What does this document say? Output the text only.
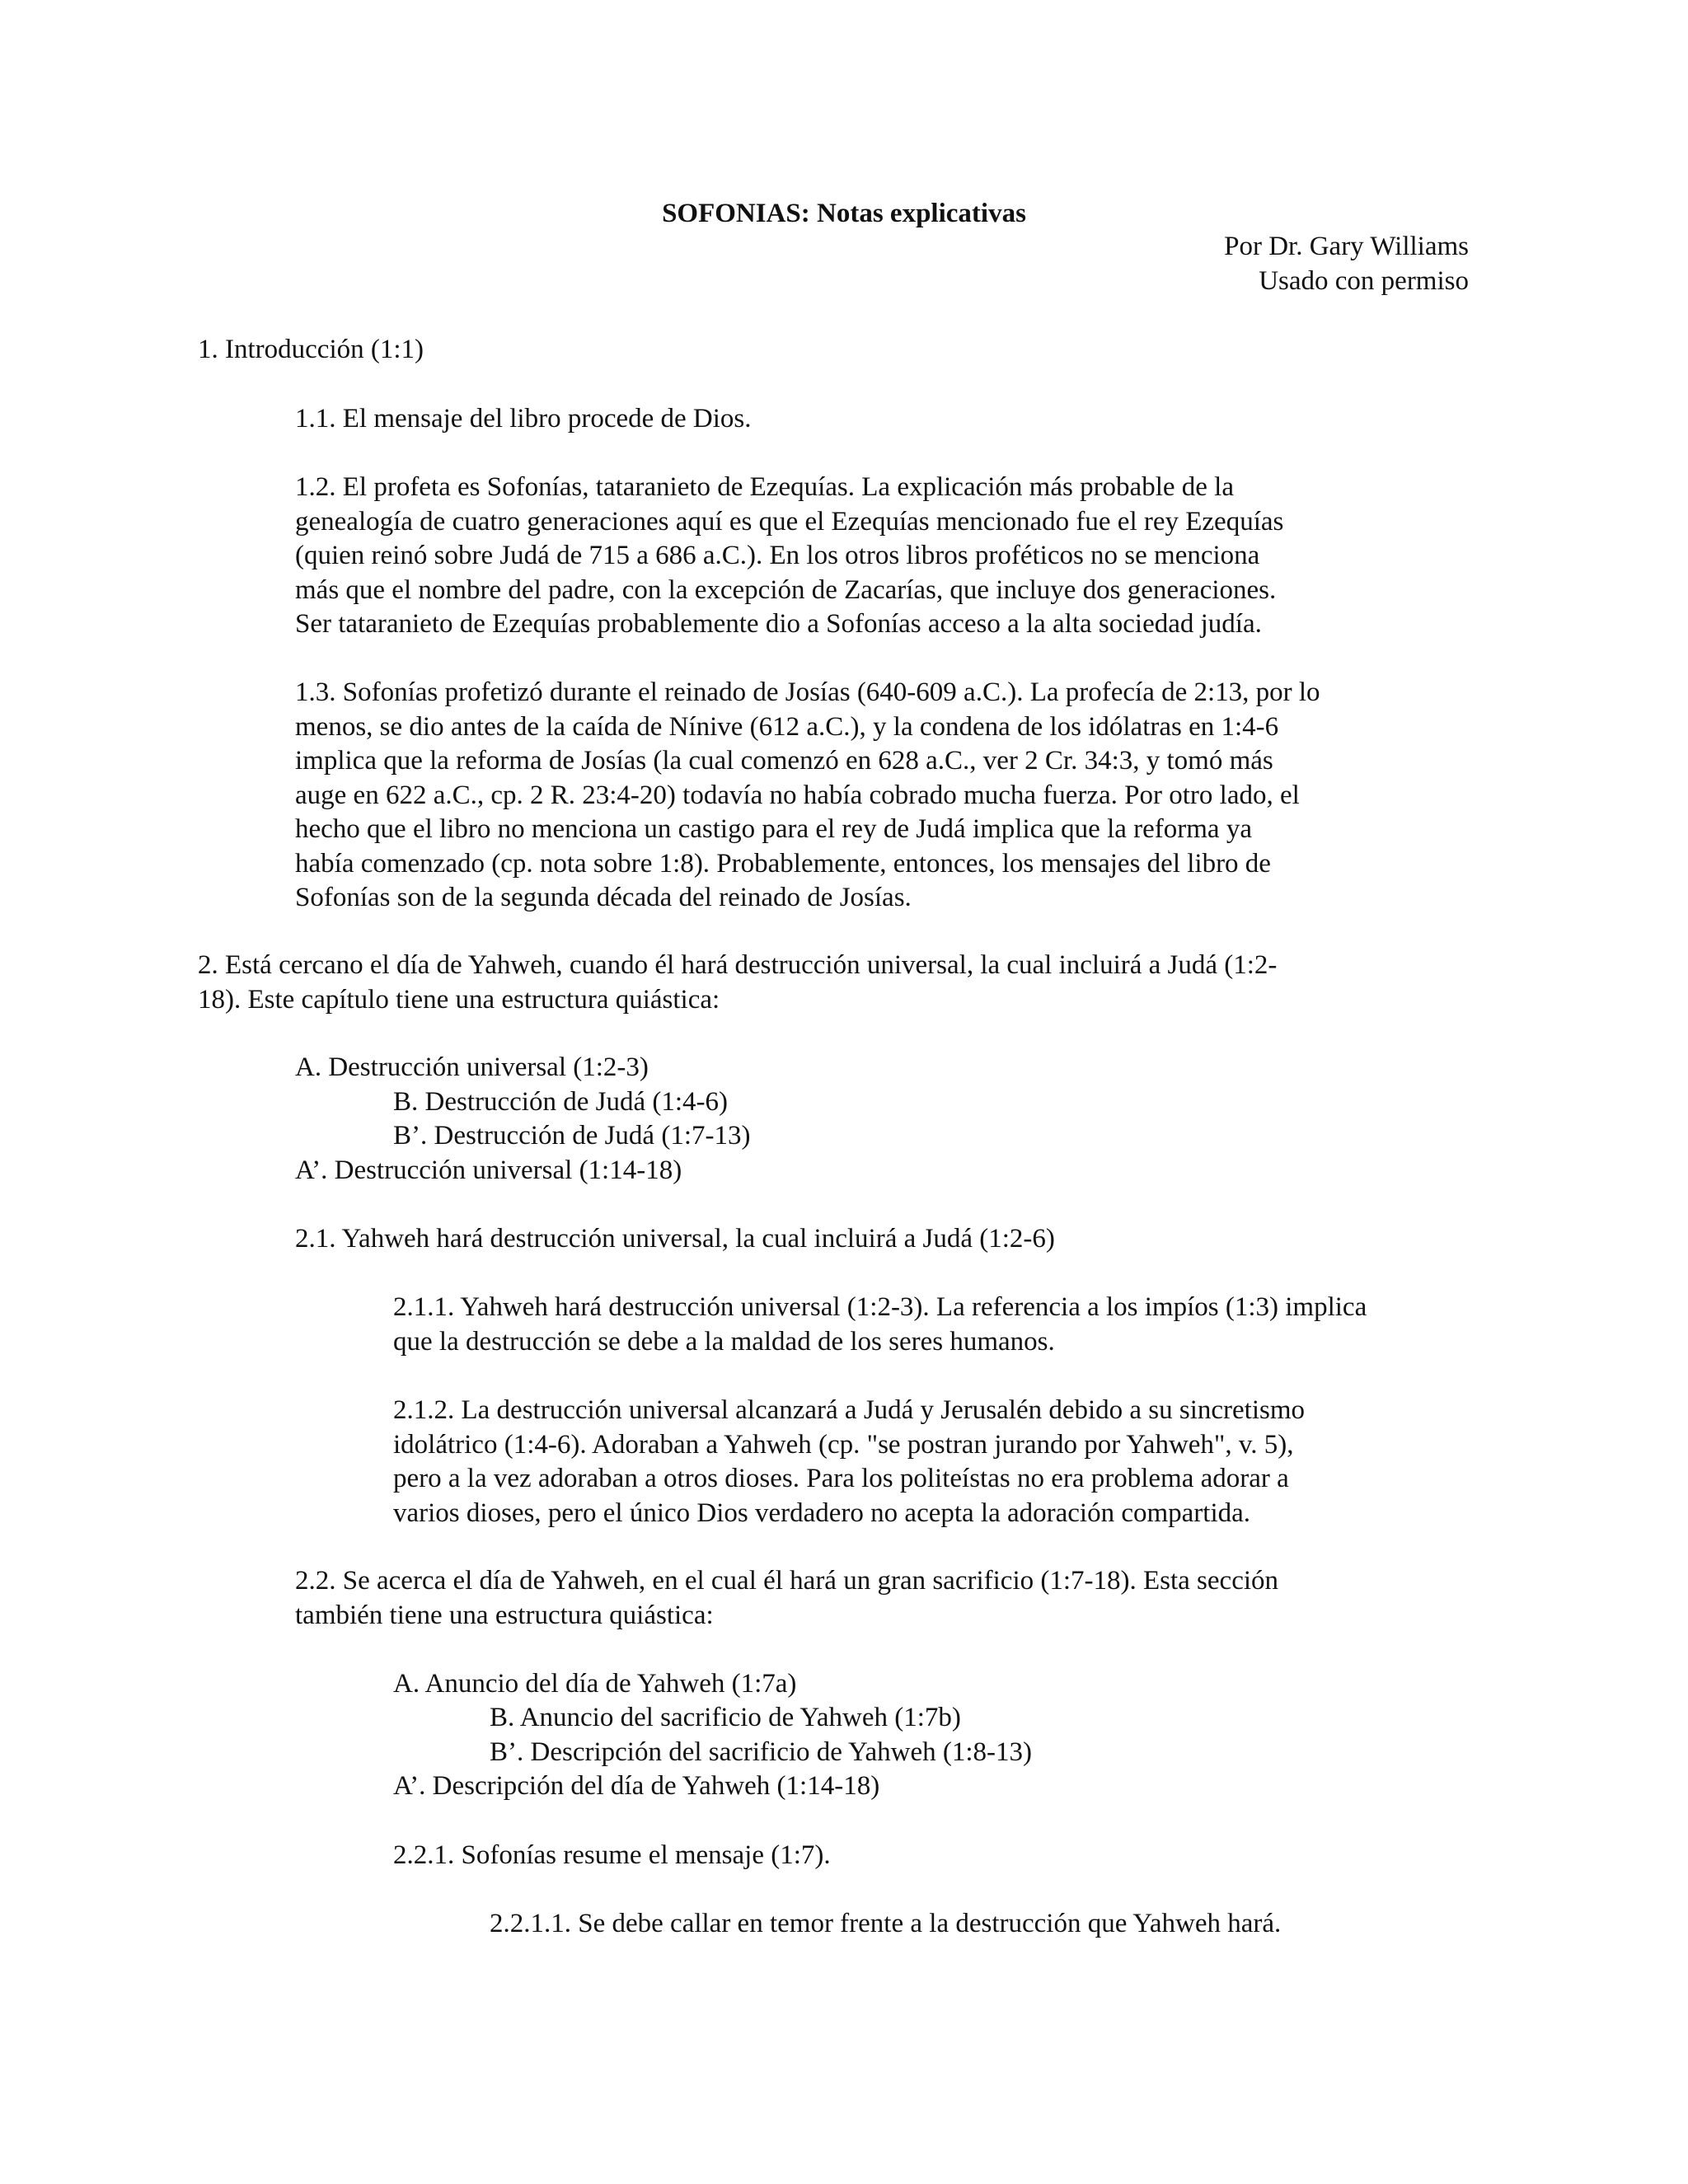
SOFONIAS: Notas explicativas
Por Dr. Gary Williams
Usado con permiso
1. Introducción (1:1)
1.1. El mensaje del libro procede de Dios.
1.2. El profeta es Sofonías, tataranieto de Ezequías. La explicación más probable de la
genealogía de cuatro generaciones aquí es que el Ezequías mencionado fue el rey Ezequías
(quien reinó sobre Judá de 715 a 686 a.C.). En los otros libros proféticos no se menciona
más que el nombre del padre, con la excepción de Zacarías, que incluye dos generaciones.
Ser tataranieto de Ezequías probablemente dio a Sofonías acceso a la alta sociedad judía.
1.3. Sofonías profetizó durante el reinado de Josías (640-609 a.C.). La profecía de 2:13, por lo
menos, se dio antes de la caída de Nínive (612 a.C.), y la condena de los idólatras en 1:4-6
implica que la reforma de Josías (la cual comenzó en 628 a.C., ver 2 Cr. 34:3, y tomó más
auge en 622 a.C., cp. 2 R. 23:4-20) todavía no había cobrado mucha fuerza. Por otro lado, el
hecho que el libro no menciona un castigo para el rey de Judá implica que la reforma ya
había comenzado (cp. nota sobre 1:8). Probablemente, entonces, los mensajes del libro de
Sofonías son de la segunda década del reinado de Josías.
2. Está cercano el día de Yahweh, cuando él hará destrucción universal, la cual incluirá a Judá (1:2-
18). Este capítulo tiene una estructura quiástica:
A. Destrucción universal (1:2-3)
B. Destrucción de Judá (1:4-6)
B’. Destrucción de Judá (1:7-13)
A’. Destrucción universal (1:14-18)
2.1. Yahweh hará destrucción universal, la cual incluirá a Judá (1:2-6)
2.1.1. Yahweh hará destrucción universal (1:2-3). La referencia a los impíos (1:3) implica
que la destrucción se debe a la maldad de los seres humanos.
2.1.2. La destrucción universal alcanzará a Judá y Jerusalén debido a su sincretismo
idolátrico (1:4-6). Adoraban a Yahweh (cp. "se postran jurando por Yahweh", v. 5),
pero a la vez adoraban a otros dioses. Para los politeístas no era problema adorar a
varios dioses, pero el único Dios verdadero no acepta la adoración compartida.
2.2. Se acerca el día de Yahweh, en el cual él hará un gran sacrificio (1:7-18). Esta sección
también tiene una estructura quiástica:
A. Anuncio del día de Yahweh (1:7a)
B. Anuncio del sacrificio de Yahweh (1:7b)
B’. Descripción del sacrificio de Yahweh (1:8-13)
A’. Descripción del día de Yahweh (1:14-18)
2.2.1. Sofonías resume el mensaje (1:7).
2.2.1.1. Se debe callar en temor frente a la destrucción que Yahweh hará.
